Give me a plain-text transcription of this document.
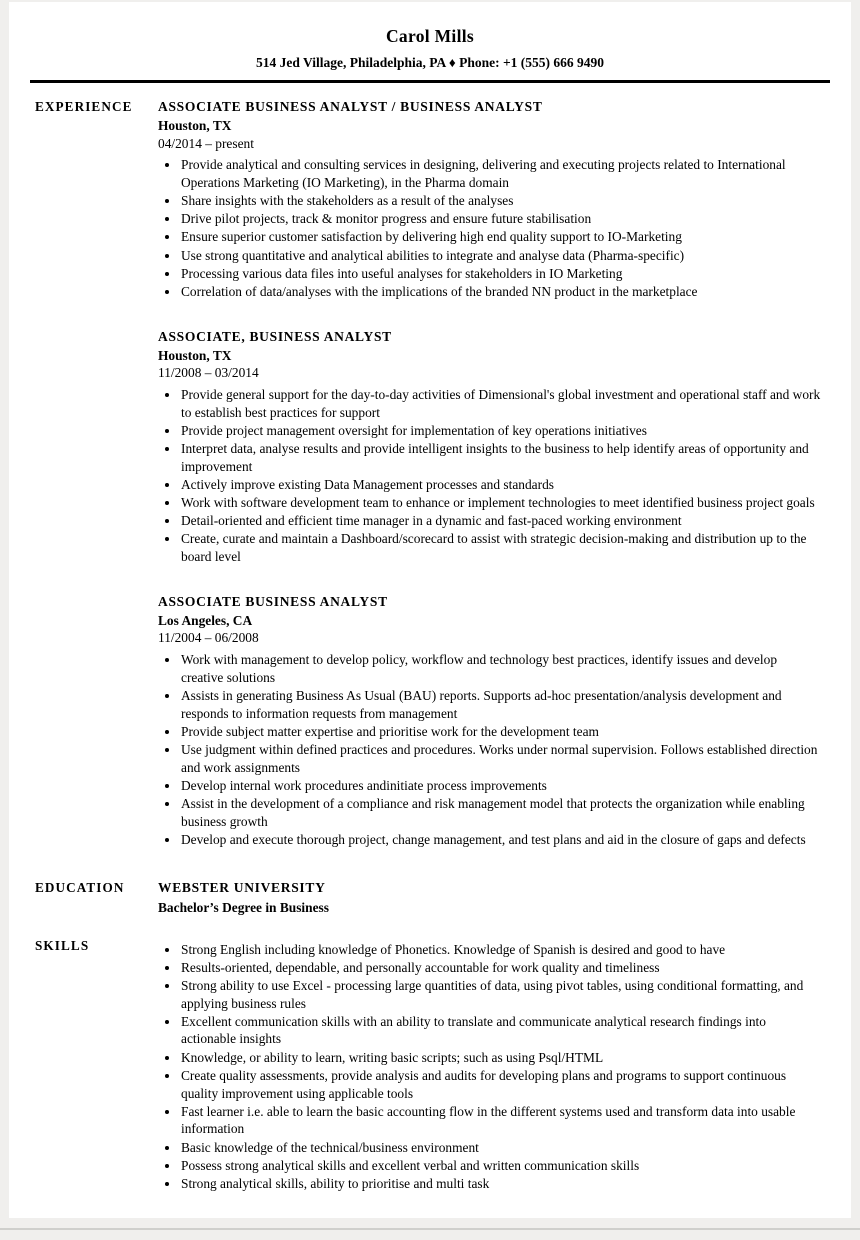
Carol Mills
514 Jed Village, Philadelphia, PA ♦ Phone: +1 (555) 666 9490
EXPERIENCE	ASSOCIATE BUSINESS ANALYST / BUSINESS ANALYST
Houston, TX
04/2014 – present
• Provide analytical and consulting services in designing, delivering and executing projects related to International Operations Marketing (IO Marketing), in the Pharma domain
• Share insights with the stakeholders as a result of the analyses
• Drive pilot projects, track & monitor progress and ensure future stabilisation
• Ensure superior customer satisfaction by delivering high end quality support to IO-Marketing
• Use strong quantitative and analytical abilities to integrate and analyse data (Pharma-specific)
• Processing various data files into useful analyses for stakeholders in IO Marketing
• Correlation of data/analyses with the implications of the branded NN product in the marketplace
ASSOCIATE, BUSINESS ANALYST
Houston, TX
11/2008 – 03/2014
• Provide general support for the day-to-day activities of Dimensional's global investment and operational staff and work to establish best practices for support
• Provide project management oversight for implementation of key operations initiatives
• Interpret data, analyse results and provide intelligent insights to the business to help identify areas of opportunity and improvement
• Actively improve existing Data Management processes and standards
• Work with software development team to enhance or implement technologies to meet identified business project goals
• Detail-oriented and efficient time manager in a dynamic and fast-paced working environment
• Create, curate and maintain a Dashboard/scorecard to assist with strategic decision-making and distribution up to the board level
ASSOCIATE BUSINESS ANALYST
Los Angeles, CA
11/2004 – 06/2008
• Work with management to develop policy, workflow and technology best practices, identify issues and develop creative solutions
• Assists in generating Business As Usual (BAU) reports. Supports ad-hoc presentation/analysis development and responds to information requests from management
• Provide subject matter expertise and prioritise work for the development team
• Use judgment within defined practices and procedures. Works under normal supervision. Follows established direction and work assignments
• Develop internal work procedures andinitiate process improvements
• Assist in the development of a compliance and risk management model that protects the organization while enabling business growth
• Develop and execute thorough project, change management, and test plans and aid in the closure of gaps and defects
EDUCATION	WEBSTER UNIVERSITY
Bachelor’s Degree in Business
SKILLS	• Strong English including knowledge of Phonetics. Knowledge of Spanish is desired and good to have
• Results-oriented, dependable, and personally accountable for work quality and timeliness
• Strong ability to use Excel - processing large quantities of data, using pivot tables, using conditional formatting, and applying business rules
• Excellent communication skills with an ability to translate and communicate analytical research findings into actionable insights
• Knowledge, or ability to learn, writing basic scripts; such as using Psql/HTML
• Create quality assessments, provide analysis and audits for developing plans and programs to support continuous quality improvement using applicable tools
• Fast learner i.e. able to learn the basic accounting flow in the different systems used and transform data into usable information
• Basic knowledge of the technical/business environment
• Possess strong analytical skills and excellent verbal and written communication skills
• Strong analytical skills, ability to prioritise and multi task
